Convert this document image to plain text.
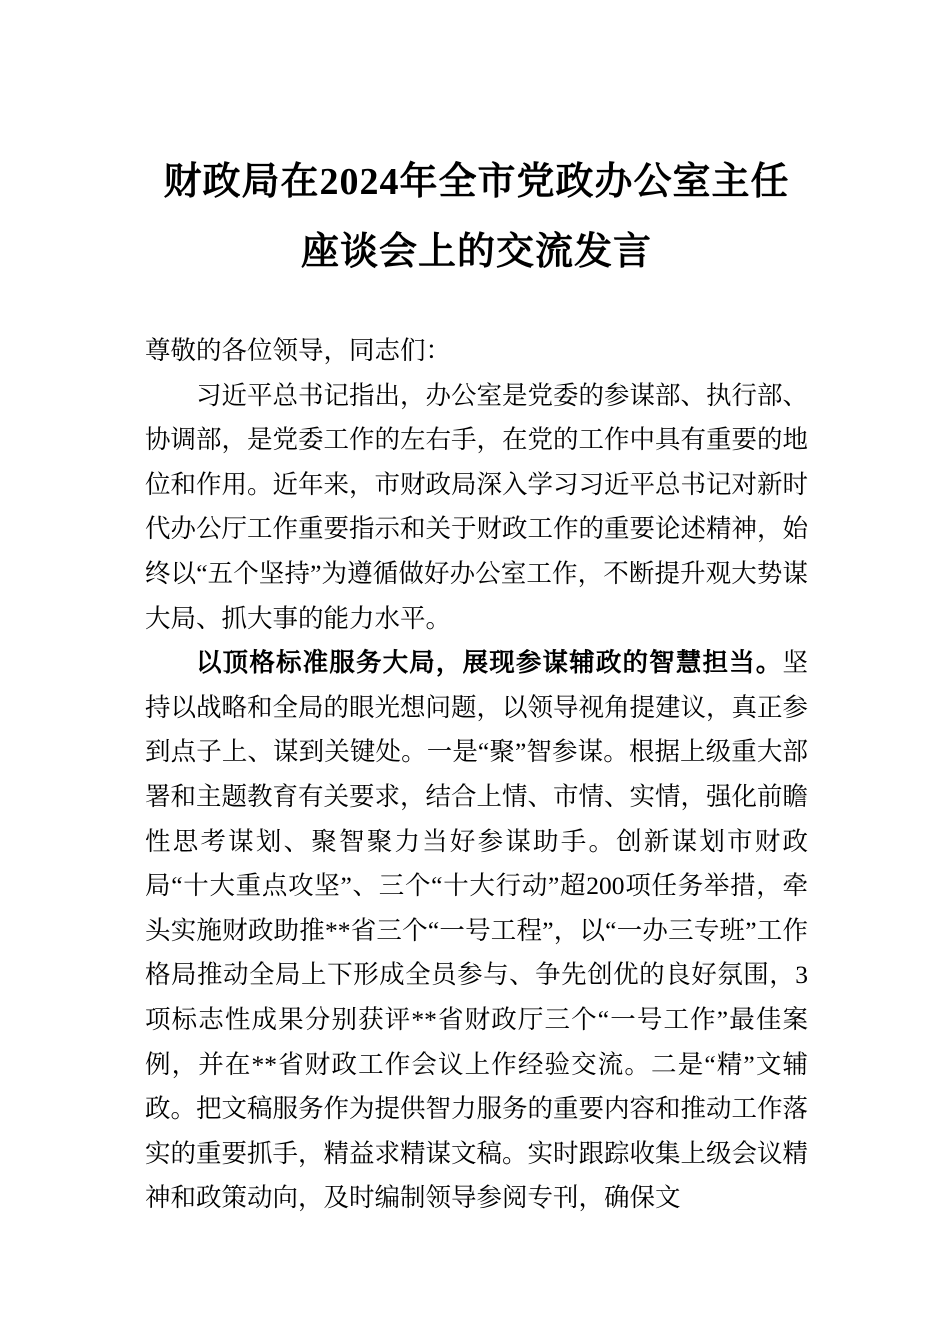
财政局在2024年全市党政办公室主任座谈会上的交流发言

尊敬的各位领导，同志们：

习近平总书记指出，办公室是党委的参谋部、执行部、协调部，是党委工作的左右手，在党的工作中具有重要的地位和作用。近年来，市财政局深入学习习近平总书记对新时代办公厅工作重要指示和关于财政工作的重要论述精神，始终以“五个坚持”为遵循做好办公室工作，不断提升观大势谋大局、抓大事的能力水平。

以顶格标准服务大局，展现参谋辅政的智慧担当。坚持以战略和全局的眼光想问题，以领导视角提建议，真正参到点子上、谋到关键处。一是“聚”智参谋。根据上级重大部署和主题教育有关要求，结合上情、市情、实情，强化前瞻性思考谋划、聚智聚力当好参谋助手。创新谋划市财政局“十大重点攻坚”、三个“十大行动”超200项任务举措，牵头实施财政助推**省三个“一号工程”，以“一办三专班”工作格局推动全局上下形成全员参与、争先创优的良好氛围，3项标志性成果分别获评**省财政厅三个“一号工作”最佳案例，并在**省财政工作会议上作经验交流。二是“精”文辅政。把文稿服务作为提供智力服务的重要内容和推动工作落实的重要抓手，精益求精谋文稿。实时跟踪收集上级会议精神和政策动向，及时编制领导参阅专刊，确保文
